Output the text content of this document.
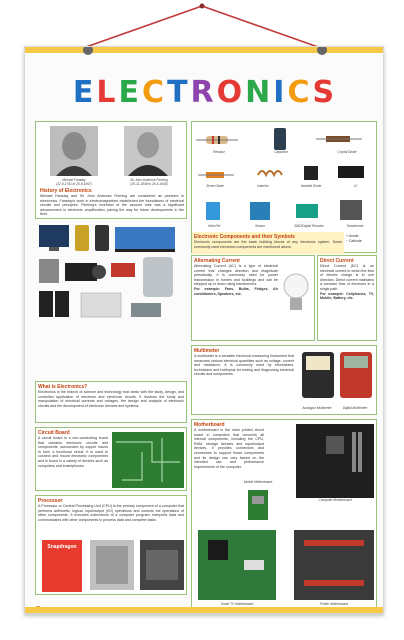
ELECTRONICS
Michael Faraday
(22-9-1791 to 25-8-1867)
Sir John Ambrose Fleming
(29-11-1849 to 18-4-1945)
History of Electronics
Michael Faraday and Sir John Ambrose Fleming are considered as pioneers in electronics. Faraday's work in electromagnetism established the foundations of electrical circuits and principles. Fleming's invention of the vacuum tube was a significant advancement in electronic amplification, paving the way for future developments in the field.
Resistor	Capacitor	Crystal Diode
Zener Diode	Inductor	Variable Diode	IC
Ultra Rel	Sensor	SMD/Digital Resistor	Transformer
Electronic Components and their Symbols
Electronic components are the basic building blocks of any electronic system. Some commonly used electronic components are mentioned above.
+ Anode
− Cathode
What is Electronics?
Electronics is the branch of science and technology that deals with the study, design, and controlled application of electrons and electronic circuits. It involves the study and manipulation of electrical currents and voltages, the design and analysis of electronic circuits and the development of electronic devices and systems.
Alternating Current
Alternating Current (AC) is a type of electrical current that changes direction and magnitude periodically. It is commonly used for power transmission in homes and buildings and can be stepped up or down using transformers.
For example: Fans, Bulbs, Fridges, Air conditioners, Speakers, etc.
Direct Current
Direct Current (DC) is an electrical current in which the flow of electric charge is in one direction. Direct current maintains a constant flow of electrons in a single path.
For example: Cellphones, TV, Mobile, Battery, etc.
Multimeter
A multimeter is a versatile electronic measuring instrument that measures various electrical quantities such as voltage, current and resistance. It is commonly used by electricians, technicians and hobbyists for testing and diagnosing electrical circuits and components.
Analogue Multimeter	Digital Multimeter
Circuit Board
A circuit board is a non-conducting board that contains electronic circuits and components, surrounded by copper traces to form a functional circuit. It is used to connect and mount electronic components and is found in a variety of devices such as computers and smartphones.
Motherboard
A motherboard is the main printed circuit board in computers that connects all internal components, including the CPU, RAM, storage devices and input/output devices. It provides connectors and connectors to support these components and its design can vary based on the intended use and performance requirements of the computer.
Computer Motherboard
Mobile Motherboard
Smart TV Motherboard	Printer Motherboard
Processor
A Processor or Central Processing Unit (CPU) is the primary component of a computer that performs arithmetic, logical, input/output (I/O) operations and controls the operations of other components. It executes instructions of a computer program, interprets data and communicates with other components to process data and complete tasks.
Snapdragon
